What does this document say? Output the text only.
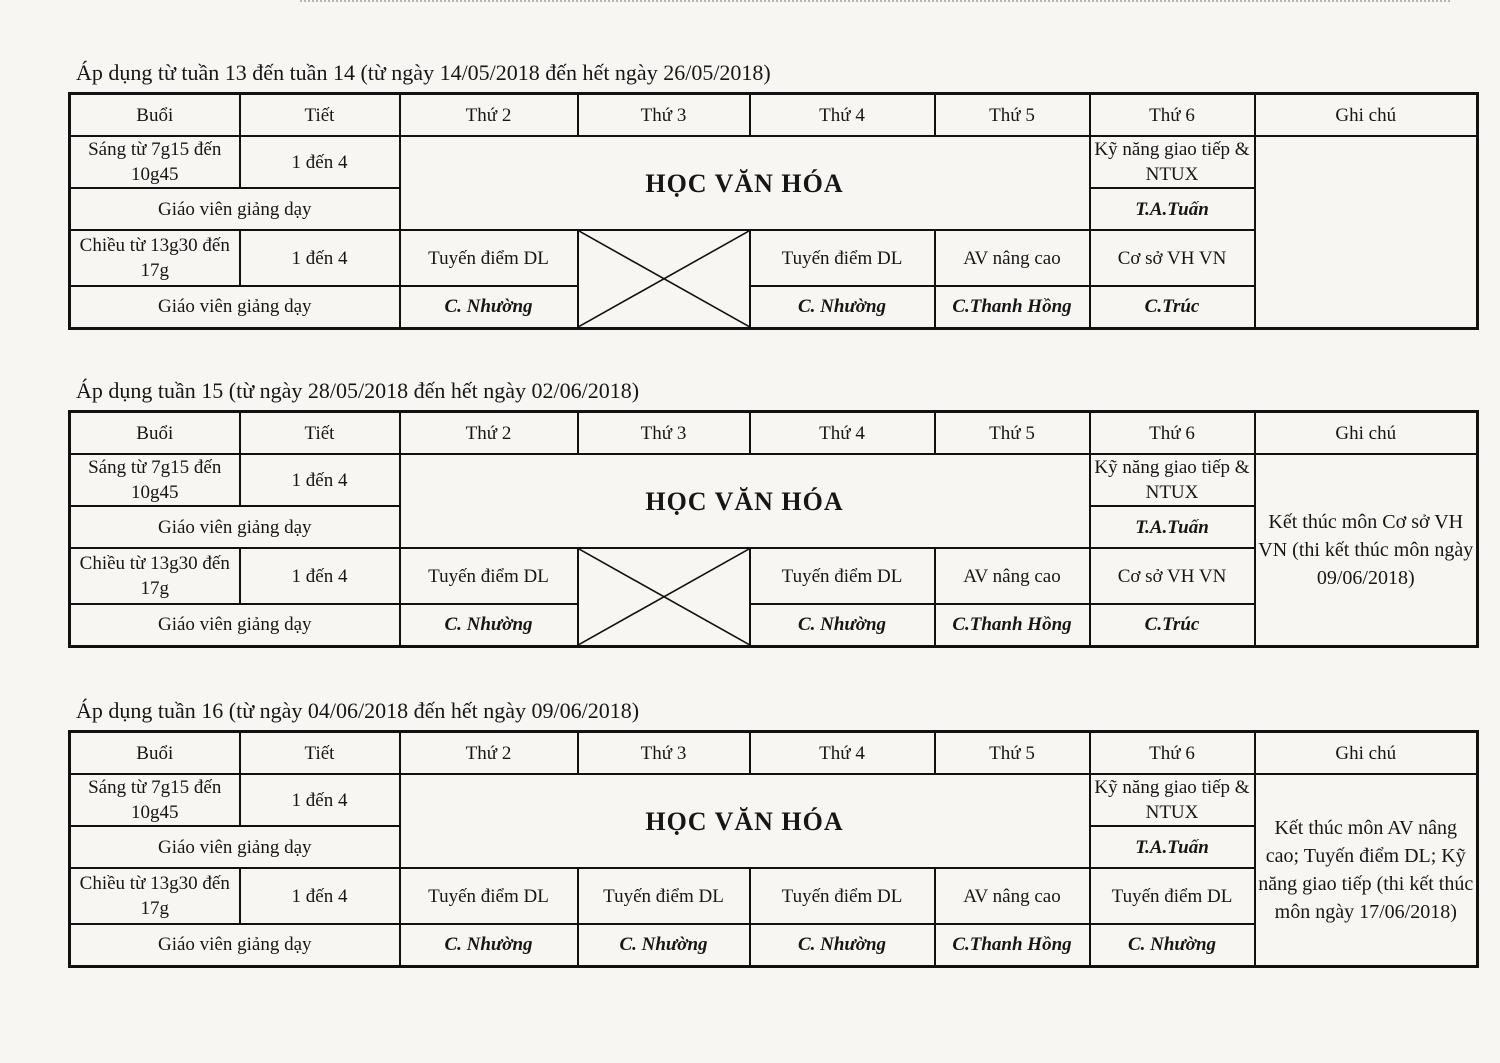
Áp dụng từ tuần 13 đến tuần 14 (từ ngày 14/05/2018 đến hết ngày 26/05/2018)
Buổi	Tiết	Thứ 2	Thứ 3	Thứ 4	Thứ 5	Thứ 6	Ghi chú
Sáng từ 7g15 đến 10g45	1 đến 4	HỌC VĂN HÓA				Kỹ năng giao tiếp & NTUX	
Giáo viên giảng dạy						T.A.Tuấn	
Chiều từ 13g30 đến 17g	1 đến 4	Tuyến điểm DL		Tuyến điểm DL	AV nâng cao	Cơ sở VH VN	
Giáo viên giảng dạy		C. Nhường		C. Nhường	C.Thanh Hồng	C.Trúc	
Áp dụng tuần 15 (từ ngày 28/05/2018 đến hết ngày 02/06/2018)
Buổi	Tiết	Thứ 2	Thứ 3	Thứ 4	Thứ 5	Thứ 6	Ghi chú
Sáng từ 7g15 đến 10g45	1 đến 4	HỌC VĂN HÓA				Kỹ năng giao tiếp & NTUX	Kết thúc môn Cơ sở VH VN (thi kết thúc môn ngày 09/06/2018)
Giáo viên giảng dạy						T.A.Tuấn	
Chiều từ 13g30 đến 17g	1 đến 4	Tuyến điểm DL		Tuyến điểm DL	AV nâng cao	Cơ sở VH VN	
Giáo viên giảng dạy		C. Nhường		C. Nhường	C.Thanh Hồng	C.Trúc	
Áp dụng tuần 16 (từ ngày 04/06/2018 đến hết ngày 09/06/2018)
Buổi	Tiết	Thứ 2	Thứ 3	Thứ 4	Thứ 5	Thứ 6	Ghi chú
Sáng từ 7g15 đến 10g45	1 đến 4	HỌC VĂN HÓA				Kỹ năng giao tiếp & NTUX	Kết thúc môn AV nâng cao; Tuyến điểm DL; Kỹ năng giao tiếp (thi kết thúc môn ngày 17/06/2018)
Giáo viên giảng dạy						T.A.Tuấn	
Chiều từ 13g30 đến 17g	1 đến 4	Tuyến điểm DL	Tuyến điểm DL	Tuyến điểm DL	AV nâng cao	Tuyến điểm DL	
Giáo viên giảng dạy		C. Nhường	C. Nhường	C. Nhường	C.Thanh Hồng	C. Nhường	
